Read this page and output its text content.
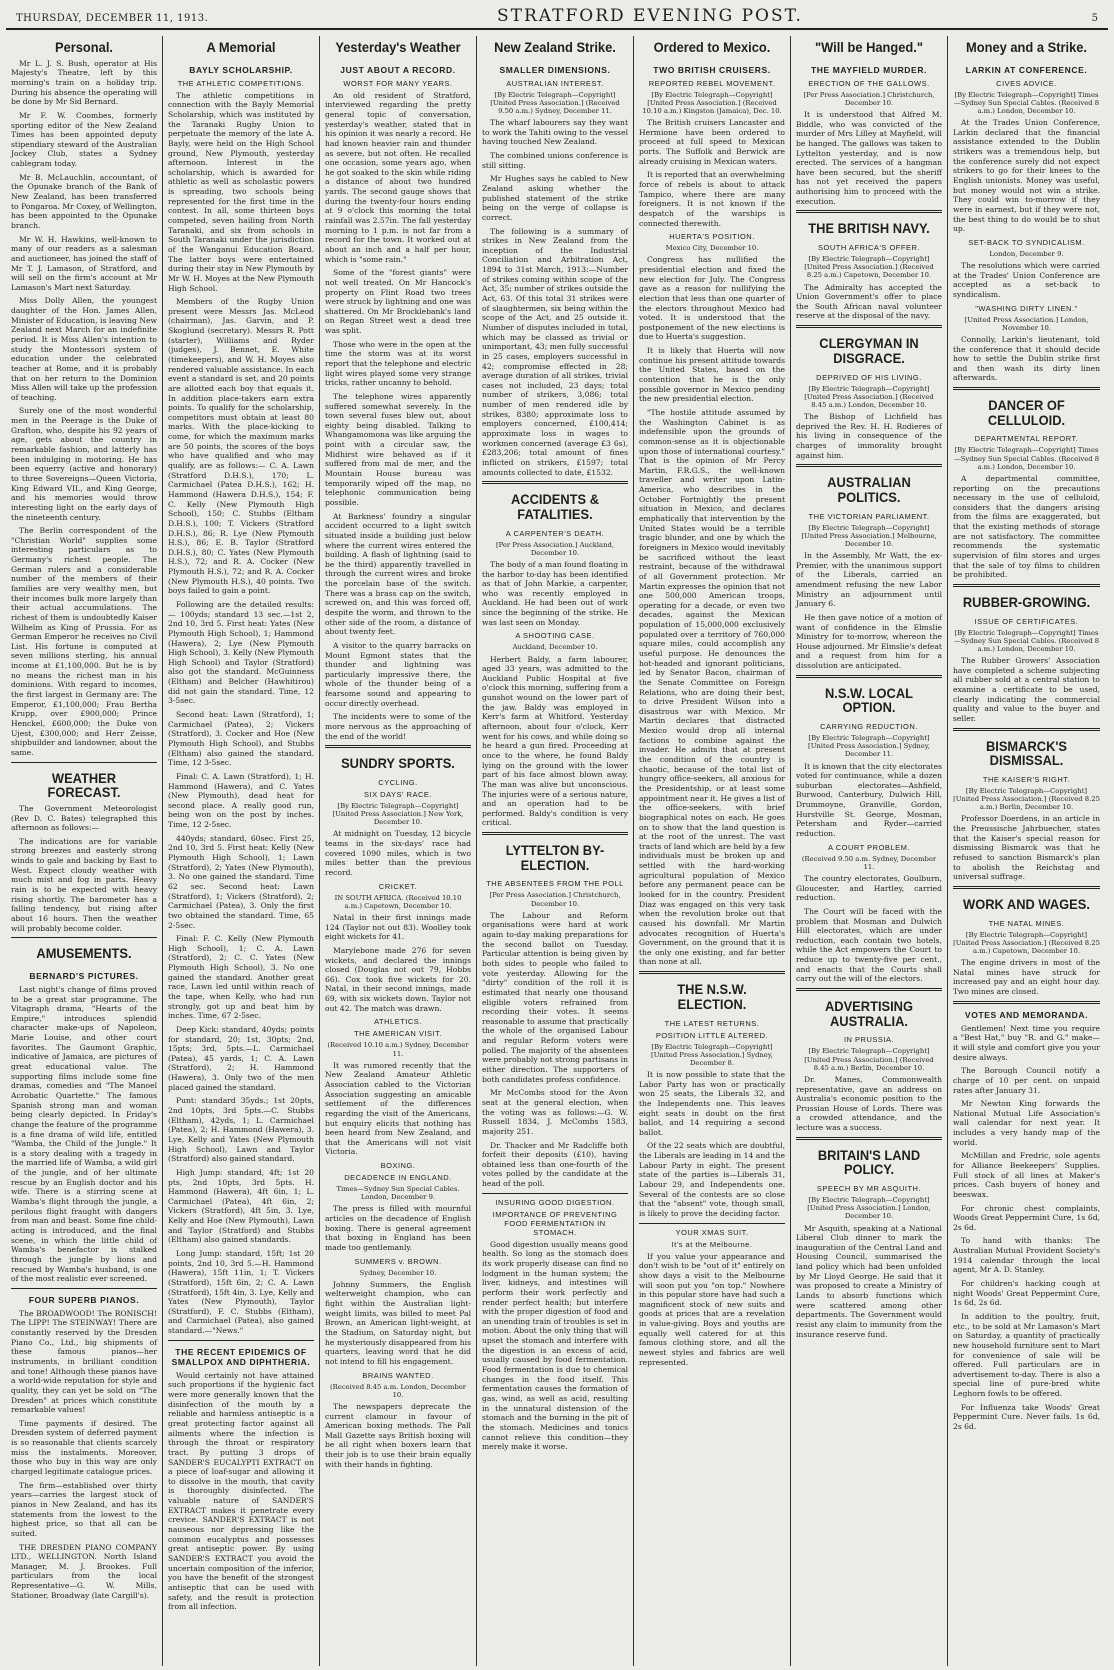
THURSDAY, DECEMBER 11, 1913.	STRATFORD EVENING POST.	5
Personal.

Mr L. J. S. Bush, operator at His Majesty's Theatre, left by this morning's train on a holiday trip. During his absence the operating will be done by Mr Sid Bernard.

Mr F. W. Coombes, formerly sporting editor of the New Zealand Times has been appointed deputy stipendiary steward of the Australian Jockey Club, states a Sydney cablegram today.

Mr B. McLauchlin, accountant, of the Opunake branch of the Bank of New Zealand, has been transferred to Pongaroa. Mr Coxey, of Wellington, has been appointed to the Opunake branch.

Mr W. H. Hawkins, well-known to many of our readers as a salesman and auctioneer, has joined the staff of Mr T. J. Lamason, of Stratford, and will sell on the firm's account at Mr Lamason's Mart next Saturday.

Miss Dolly Allen, the youngest daughter of the Hon. James Allen, Minister of Education, is leaving New Zealand next March for an indefinite period. It is Miss Allen's intention to study the Montessori system of education under the celebrated teacher at Rome, and it is probably that on her return to the Dominion Miss Allen will take up the profession of teaching.

Surely one of the most wonderful men in the Peerage is the Duke of Grafton, who, despite his 92 years of age, gets about the country in remarkable fashion, and latterly has been indulging in motoring. He has been equerry (active and honorary) to three Sovereigns—Queen Victoria, King Edward VII., and King George, and his memories would throw interesting light on the early days of the nineteenth century.

The Berlin correspondent of the "Christian World" supplies some interesting particulars as to Germany's richest people. The German rulers and a considerable number of the members of their families are very wealthy men, but their incomes bulk more largely than their actual accumulations. The richest of them is undoubtedly Kaiser Wilhelm as King of Prussia. For as German Emperor he receives no Civil List. His fortune is computed at seven millions sterling, his annual income at £1,100,000. But he is by no means the richest man in his dominions. With regard to incomes, the first largest in Germany are: The Emperor, £1,100,000; Frau Bertha Krupp, over £900,000; Prince Henckel, £600,000; the Duke von Ujest, £300,000; and Herr Zeisse, shipbuilder and landowner, about the same.

WEATHER FORECAST.

The Government Meteorologist (Rev D. C. Bates) telegraphed this afternoon as follows:—

The indications are for variable strong breezes and easterly strong winds to gale and backing by East to West. Expect cloudy weather with much mist and fog in parts. Heavy rain is to be expected with heavy rising shortly. The barometer has a falling tendency, but rising after about 16 hours. Then the weather will probably become colder.

AMUSEMENTS.
BERNARD'S PICTURES.

Last night's change of films proved to be a great star programme. The Vitagraph drama, "Hearts of the Empire," introduces splendid character make-ups of Napoleon, Marie Louise, and other court favorites. The Gaumont Graphic, indicative of Jamaica, are pictures of great educational value. The supporting films include some fine dramas, comedies and "The Manoel Acrobatic Quartette." The famous Spanish strong man and woman being clearly depicted. In Friday's change the feature of the programme is a fine drama of wild life, entitled "Wamba, the Child of the Jungle." It is a story dealing with a tragedy in the married life of Wamba, a wild girl of the jungle, and of her ultimate rescue by an English doctor and his wife. There is a stirring scene at Wamba's flight through the jungle, a perilous flight fraught with dangers from man and beast. Some fine child-acting is introduced, and the final scene, in which the little child of Wamba's benefactor is stalked through the jungle by lions and rescued by Wamba's husband, is one of the most realistic ever screened.

FOUR SUPERB PIANOS.

The BROADWOOD! The RONISCH! The LIPP! The STEINWAY! There are constantly reserved by the Dresden Piano Co., Ltd., big shipments of these famous pianos—her instruments, in brilliant condition and tone! Although these pianos have a world-wide reputation for style and quality, they can yet be sold on "The Dresden" at prices which constitute remarkable values!

Time payments if desired. The Dresden system of deferred payment is so reasonable that clients scarcely miss the instalments. Moreover, those who buy in this way are only charged legitimate catalogue prices.

The firm—established over thirty years—carries the largest stock of pianos in New Zealand, and has its statements from the lowest to the highest price, so that all can be suited.

THE DRESDEN PIANO COMPANY LTD., WELLINGTON. North Island Manager, M. J. Brookes. Full particulars from the local Representative—G. W. Mills, Stationer, Broadway (late Cargill's).

A Memorial
BAYLY SCHOLARSHIP.
THE ATHLETIC COMPETITIONS.

The athletic competitions in connection with the Bayly Memorial Scholarship, which was instituted by the Taranaki Rugby Union to perpetuate the memory of the late A. Bayly, were held on the High School ground, New Plymouth, yesterday afternoon. Interest in the scholarship, which is awarded for athletic as well as scholastic powers is spreading, two schools being represented for the first time in the contest. In all, some thirteen boys competed, seven hailing from North Taranaki, and six from schools in South Taranaki under the jurisdiction of the Wanganui Education Board. The latter boys were entertained during their stay in New Plymouth by Mr W. H. Moyes at the New Plymouth High School.

Members of the Rugby Union present were Messrs Jas. McLeod (chairman), Jas. Garvin, and P. Skoglund (secretary). Messrs R. Pott (starter), Williams and Ryder (judges), J. Bennet, E. White (timekeepers), and W. H. Moyes also rendered valuable assistance. In each event a standard is set, and 20 points are allotted each boy that equals it. In addition place-takers earn extra points. To qualify for the scholarship, competitors must obtain at least 80 marks. With the place-kicking to come, for which the maximum marks are 50 points, the scores of the boys who have qualified and who may qualify, are as follows:— C. A. Lawn (Stratford D.H.S.), 170; L. Carmichael (Patea D.H.S.), 162; H. Hammond (Hawera D.H.S.), 154; F. C. Kelly (New Plymouth High School), 150; C. Stubbs (Eltham D.H.S.), 100; T. Vickers (Stratford D.H.S.), 86; R. Lye (New Plymouth H.S.), 86; E. B. Taylor (Stratford D.H.S.), 80; C. Yates (New Plymouth H.S.), 72; and R. A. Cocker (New Plymouth H.S.), 72; and R. A. Cocker (New Plymouth H.S.), 40 points. Two boys failed to gain a point.

Following are the detailed results:— 100yds; standard 13 sec.—1st 2, 2nd 10, 3rd 5. First heat: Yates (New Plymouth High School), 1; Hammond (Hawera), 2; Lye (New Plymouth High School), 3. Kelly (New Plymouth High School) and Taylor (Stratford) also got the standard. McGuinness (Eltham) and Belcher (Hawhitirou) did not gain the standard. Time, 12 3-5sec.

Second heat: Lawn (Stratford), 1; Carmichael (Patea), 2; Vickers (Stratford), 3. Cocker and Hoe (New Plymouth High School), and Stubbs (Eltham) also gained the standard. Time, 12 3-5sec.

Final: C. A. Lawn (Stratford), 1; H. Hammond (Hawera), and C. Yates (New Plymouth), dead heat for second place. A really good run, being won on the post by inches. Time, 12 2-5sec.

440yds; standard, 60sec. First 25, 2nd 10, 3rd 5. First heat: Kelly (New Plymouth High School), 1; Lawn (Stratford), 2; Yates (New Plymouth), 3. No one gained the standard. Time 62 sec. Second heat: Lawn (Stratford), 1; Vickers (Stratford), 2; Carmichael (Patea), 3. Only the first two obtained the standard. Time, 65 2-5sec.

Final: F. C. Kelly (New Plymouth High School), 1; C. A. Lawn (Stratford), 2; C. C. Yates (New Plymouth High School), 3. No one gained the standard. Another great race, Lawn led until within reach of the tape, when Kelly, who had run strongly, got up and beat him by inches. Time, 67 2-5sec.

Deep Kick: standard, 40yds; points for standard, 20; 1st, 30pts; 2nd, 15pts; 3rd, 5pts.—L. Carmichael (Patea), 45 yards, 1; C. A. Lawn (Stratford), 2; H. Hammond (Hawera), 3. Only two of the men placed gained the standard.

Punt: standard 35yds.; 1st 20pts, 2nd 10pts, 3rd 5pts.—C. Stubbs (Eltham), 42yds, 1; L. Carmichael (Patea), 2; H. Hammond (Hawera), 3. Lye, Kelly and Yates (New Plymouth High School), Lawn and Taylor (Stratford) also gained standard.

High Jump: standard, 4ft; 1st 20 pts, 2nd 10pts, 3rd 5pts. H. Hammond (Hawera), 4ft 6in, 1; L. Carmichael (Patea), 4ft 6in, 2; Vickers (Stratford), 4ft 5in, 3. Lye, Kelly and Hoe (New Plymouth), Lawn and Taylor (Stratford) and Stubbs (Eltham) also gained standards.

Long Jump: standard, 15ft; 1st 20 points, 2nd 10, 3rd 5.—H. Hammond (Hawera), 15ft 11in, 1; T. Vickers (Stratford), 15ft 6in, 2; C. A. Lawn (Stratford), 15ft 4in, 3. Lye, Kelly and Yates (New Plymouth), Taylor (Stratford), F. C. Stubbs (Eltham), and Carmichael (Patea), also gained standard.—"News."

THE RECENT EPIDEMICS OF SMALLPOX AND DIPHTHERIA.

Would certainly not have attained such proportions if the hygienic fact were more generally known that the disinfection of the mouth by a reliable and harmless antiseptic is a great protecting factor against all ailments where the infection is through the throat or respiratory tract. By putting 3 drops of SANDER'S EUCALYPTI EXTRACT on a piece of loaf-sugar and allowing it to dissolve in the mouth, that cavity is thoroughly disinfected. The valuable nature of SANDER'S EXTRACT makes it penetrate every crevice. SANDER'S EXTRACT is not nauseous nor depressing like the common eucalyptus and possesses great antiseptic power. By using SANDER'S EXTRACT you avoid the uncertain composition of the inferior, you have the benefit of the strongest antiseptic that can be used with safety, and the result is protection from all infection.

Yesterday's Weather
JUST ABOUT A RECORD.
WORST FOR MANY YEARS.

An old resident of Stratford, interviewed regarding the pretty general topic of conversation, yesterday's weather, stated that in his opinion it was nearly a record. He had known heavier rain and thunder as severe, but not often. He recalled one occasion, some years ago, when he got soaked to the skin while riding a distance of about two hundred yards. The second gauge shows that during the twenty-four hours ending at 9 o'clock this morning the total rainfall was 2.57in. The fall yesterday morning to 1 p.m. is not far from a record for the town. It worked out at about an inch and a half per hour, which is "some rain."

Some of the "forest giants" were not well treated. On Mr Hancock's property on Flint Road two trees were struck by lightning and one was shattered. On Mr Brocklebank's land on Regan Street west a dead tree was split.

Those who were in the open at the time the storm was at its worst report that the telephone and electric light wires played some very strange tricks, rather uncanny to behold.

The telephone wires apparently suffered somewhat severely. In the town several fuses blew out, about eighty being disabled. Talking to Whangamomona was like arguing the point with a circular saw, the Midhirst wire behaved as if it suffered from mal de mer, and the Mountain House bureau was temporarily wiped off the map, no telephonic communication being possible.

At Barkness' foundry a singular accident occurred to a light switch situated inside a building just below where the current wires entered the building. A flash of lightning (said to be the third) apparently travelled in through the current wires and broke the porcelain base of the switch. There was a brass cap on the switch, screwed on, and this was forced off, despite the worm, and thrown to the other side of the room, a distance of about twenty feet.

A visitor to the quarry barracks on Mount Egmont states that the thunder and lightning was particularly impressive there, the whole of the thunder being of a fearsome sound and appearing to occur directly overhead.

The incidents were to some of the more nervous as the approaching of the end of the world!

SUNDRY SPORTS.
CYCLING.
SIX DAYS' RACE.
[By Electric Telegraph—Copyright] [United Press Association.] New York, December 10.

At midnight on Tuesday, 12 bicycle teams in the six-days' race had covered 1090 miles, which is two miles better than the previous record.

CRICKET.
IN SOUTH AFRICA. (Received 10.10 a.m.) Capetown, December 10.

Natal in their first innings made 124 (Taylor not out 83). Woolley took eight wickets for 41.

Marylebone made 276 for seven wickets, and declared the innings closed (Douglas not out 79, Hobbs 66). Cox took five wickets for 20. Natal, in their second innings, made 69, with six wickets down. Taylor not out 42. The match was drawn.

ATHLETICS.
THE AMERICAN VISIT.
(Received 10.10 a.m.) Sydney, December 11.

It was rumored recently that the New Zealand Amateur Athletic Association cabled to the Victorian Association suggesting an amicable settlement of the differences regarding the visit of the Americans, but enquiry elicits that nothing has been heard from New Zealand, and that the Americans will not visit Victoria.

BOXING.
DECADENCE IN ENGLAND.
Times—Sydney Sun Special Cables. London, December 9.

The press is filled with mournful articles on the decadence of English boxing. There is general agreement that boxing in England has been made too gentlemanly.

SUMMERS v. BROWN.
Sydney, December 10.

Johnny Summers, the English welterweight champion, who can fight within the Australian light-weight limits, was billed to meet Pal Brown, an American light-weight, at the Stadium, on Saturday night, but he mysteriously disappeared from his quarters, leaving word that he did not intend to fill his engagement.

BRAINS WANTED.
(Received 8.45 a.m. London, December 10.

The newspapers deprecate the current clamour in favour of American boxing methods. The Pall Mall Gazette says British boxing will be all right when boxers learn that their job is to use their brain equally with their hands in fighting.

New Zealand Strike.
SMALLER DIMENSIONS.
AUSTRALIAN INTEREST.
[By Electric Telegraph—Copyright] [United Press Association.] (Received 9.50 a.m.) Sydney, December 11.

The wharf labourers say they want to work the Tahiti owing to the vessel having touched New Zealand.

The combined unions conference is still sitting.

Mr Hughes says he cabled to New Zealand asking whether the published statement of the strike being on the verge of collapse is correct.

The following is a summary of strikes in New Zealand from the inception of the Industrial Conciliation and Arbitration Act, 1894 to 31st March, 1913:—Number of strikes coming within scope of the Act, 35; number of strikes outside the Act, 63. Of this total 31 strikes were of slaughtermen, six being within the scope of the Act, and 25 outside it. Number of disputes included in total, which may be classed as trivial or unimportant, 43; men fully successful in 25 cases, employers successful in 42; compromise effected in 28; average duration of all strikes, trivial cases not included, 23 days; total number of strikers, 3,086; total number of men rendered idle by strikes, 8380; approximate loss to employers concerned, £100,414; approximate loss in wages to workmen concerned (average £3 6s), £283,206; total amount of fines inflicted on strikers, £1597; total amounts collected to date, £1532.

ACCIDENTS & FATALITIES.
A CARPENTER'S DEATH.
[Per Press Association.] Auckland, December 10.

The body of a man found floating in the harbor to-day has been identified as that of John Markie, a carpenter, who was recently employed in Auckland. He had been out of work since the beginning of the strike. He was last seen on Monday.

A SHOOTING CASE.
Auckland, December 10.

Herbert Baldy, a farm labourer, aged 33 years, was admitted to the Auckland Public Hospital at five o'clock this morning, suffering from a gunshot wound on the lower part of the jaw. Baldy was employed in Kerr's farm at Whitford. Yesterday afternoon, about four o'clock, Kerr went for his cows, and while doing so he heard a gun fired. Proceeding at once to the where, he found Baldy lying on the ground with the lower part of his face almost blown away. The man was alive but unconscious. The injuries were of a serious nature, and an operation had to be performed. Baldy's condition is very critical.

LYTTELTON BY-ELECTION.
THE ABSENTEES FROM THE POLL
[Per Press Association.] Christchurch, December 10.

The Labour and Reform organisations were hard at work again to-day making preparations for the second ballot on Tuesday. Particular attention is being given by both sides to people who failed to vote yesterday. Allowing for the "dirty" condition of the roll it is estimated that nearly one thousand eligible voters refrained from recording their votes. It seems reasonable to assume that practically the whole of the organised Labour and regular Reform voters were polled. The majority of the absentees were probably not strong partisans in either direction. The supporters of both candidates profess confidence.

Mr McCombs stood for the Avon seat at the general election, when the voting was as follows:—G. W. Russell 1834, J. McCombs 1583, majority 251.

Dr. Thacker and Mr Radcliffe both forfeit their deposits (£10), having obtained less than one-fourth of the votes polled by the candidate at the head of the poll.

INSURING GOOD DIGESTION.
IMPORTANCE OF PREVENTING FOOD FERMENTATION IN STOMACH.

Good digestion usually means good health. So long as the stomach does its work properly disease can find no lodgment in the human system; the liver, kidneys, and intestines will perform their work perfectly and render perfect health; but interfere with the proper digestion of food and an unending train of troubles is set in motion. About the only thing that will upset the stomach and interfere with the digestion is an excess of acid, usually caused by food fermentation. Food fermentation is due to chemical changes in the food itself. This fermentation causes the formation of gas, wind, as well as acid, resulting in the unnatural distension of the stomach and the burning in the pit of the stomach. Medicines and tonics cannot relieve this condition—they merely make it worse.

Ordered to Mexico.
TWO BRITISH CRUISERS.
REPORTED REBEL MOVEMENT.
[By Electric Telegraph—Copyright] [United Press Association.] (Received 10.10 a.m.) Kingston (Jamaica), Dec. 10.

The British cruisers Lancaster and Hermione have been ordered to proceed at full speed to Mexican ports. The Suffolk and Berwick are already cruising in Mexican waters.

It is reported that an overwhelming force of rebels is about to attack Tampico, where there are many foreigners. It is not known if the despatch of the warships is connected therewith.

HUERTA'S POSITION.
Mexico City, December 10.

Congress has nullified the presidential election and fixed the new election for July. The Congress gave as a reason for nullifying the election that less than one quarter of the electors throughout Mexico had voted. It is understood that the postponement of the new elections is due to Huerta's suggestion.

It is likely that Huerta will now continue his present attitude towards the United States, based on the contention that he is the only possible governor in Mexico pending the new presidential election.

"The hostile attitude assumed by the Washington Cabinet is as indefensible upon the grounds of common-sense as it is objectionable upon those of international courtesy." That is the opinion of Mr Percy Martin, F.R.G.S., the well-known traveller and writer upon Latin-America, who describes in the October Fortnightly the present situation in Mexico, and declares emphatically that intervention by the United States would be a terrible tragic blunder, and one by which the foreigners in Mexico would inevitably be sacrificed without the least restraint, because of the withdrawal of all Government protection. Mr Martin expresses the opinion that not one 500,000 American troops, operating for a decade, or even two decades, against the Mexican population of 15,000,000 exclusively populated over a territory of 760,000 square miles, could accomplish any useful purpose. He denounces the hot-headed and ignorant politicians, led by Senator Bacon, chairman of the Senate Committee on Foreign Relations, who are doing their best, to drive President Wilson into a disastrous war with Mexico. Mr Martin declares that distracted Mexico would drop all internal factions to combine against the invader. He admits that at present the condition of the country is chaotic, because of the total list of hungry office-seekers, all anxious for the Presidentship, or at least some appointment near it. He gives a list of the office-seekers, with brief biographical notes on each. He goes on to show that the land question is at the root of the unrest. The vast tracts of land which are held by a few individuals must be broken up and settled with the hard-working agricultural population of Mexico before any permanent peace can be looked for in the country. President Diaz was engaged on this very task when the revolution broke out that caused his downfall. Mr Martin advocates recognition of Huerta's Government, on the ground that it is the only one existing, and far better than none at all.

THE N.S.W. ELECTION.
THE LATEST RETURNS.
POSITION LITTLE ALTERED.
[By Electric Telegraph—Copyright] [United Press Association.] Sydney, December 8.

It is now possible to state that the Labor Party has won or practically won 25 seats, the Liberals 32, and the Independents one. This leaves eight seats in doubt on the first ballot, and 14 requiring a second ballot.

Of the 22 seats which are doubtful, the Liberals are leading in 14 and the Labour Party in eight. The present state of the parties is—Liberals 31, Labour 29, and Independents one. Several of the contests are so close that the "absent" vote, though small, is likely to prove the deciding factor.

YOUR XMAS SUIT.
It's at the Melbourne.

If you value your appearance and don't wish to be "out of it" entirely on show days a visit to the Melbourne will soon put you "on top." Nowhere in this popular store have had such a magnificent stock of new suits and goods at prices that are a revelation in value-giving. Boys and youths are equally well catered for at this famous clothing store, and all the newest styles and fabrics are well represented.

"Will be Hanged."
THE MAYFIELD MURDER.
ERECTION OF THE GALLOWS.
[Per Press Association.] Christchurch, December 10.

It is understood that Alfred M. Biddle, who was convicted of the murder of Mrs Lilley at Mayfield, will be hanged. The gallows was taken to Lyttelton yesterday, and is now erected. The services of a hangman have been secured, but the sheriff has not yet received the papers authorising him to proceed with the execution.

THE BRITISH NAVY.
SOUTH AFRICA'S OFFER.
[By Electric Telegraph—Copyright] [United Press Association.] (Received 8.25 a.m.) Capetown, December 10.

The Admiralty has accepted the Union Government's offer to place the South African naval volunteer reserve at the disposal of the navy.

CLERGYMAN IN DISGRACE.
DEPRIVED OF HIS LIVING.
[By Electric Telegraph—Copyright] [United Press Association.] (Received 8.45 a.m.) London, December 10.

The Bishop of Lichfield has deprived the Rev. H. H. Rodieres of his living in consequence of the charges of immorality brought against him.

AUSTRALIAN POLITICS.
THE VICTORIAN PARLIAMENT.
[By Electric Telegraph—Copyright] [United Press Association.] Melbourne, December 10.

In the Assembly, Mr Watt, the ex-Premier, with the unanimous support of the Liberals, carried an amendment refusing the new Labor Ministry an adjournment until January 6.

He then gave notice of a motion of want of confidence in the Elmslie Ministry for to-morrow, whereon the House adjourned. Mr Elmslie's defeat and a request from him for a dissolution are anticipated.

N.S.W. LOCAL OPTION.
CARRYING REDUCTION.
[By Electric Telegraph—Copyright] [United Press Association.] Sydney, December 11.

It is known that the city electorates voted for continuance, while a dozen suburban electorates—Ashfield, Burwood, Canterbury, Dulwich Hill, Drummoyne, Granville, Gordon, Hurstville St. George, Mosman, Petersham and Ryder—carried reduction.

A COURT PROBLEM.
(Received 9.50 a.m. Sydney, December 11.

The country electorates, Goulburn, Gloucester, and Hartley, carried reduction.

The Court will be faced with the problem that Mosman and Dulwich Hill electorates, which are under reduction, each contain two hotels, while the Act empowers the Court to reduce up to twenty-five per cent., and enacts that the Courts shall carry out the will of the electors.

ADVERTISING AUSTRALIA.
IN PRUSSIA.
[By Electric Telegraph—Copyright] [United Press Association.] (Received 8.45 a.m.) Berlin, December 10.

Dr. Manes, Commonwealth representative, gave an address on Australia's economic position to the Prussian House of Lords. There was a crowded attendance, and the lecture was a success.

BRITAIN'S LAND POLICY.
SPEECH BY MR ASQUITH.
[By Electric Telegraph—Copyright] [United Press Association.] London, December 10.

Mr Asquith, speaking at a National Liberal Club dinner to mark the inauguration of the Central Land and Housing Council, summarised the land policy which had been unfolded by Mr Lloyd George. He said that it was proposed to create a Ministry of Lands to absorb functions which were scattered among other departments. The Government would resist any claim to immunity from the insurance reserve fund.

Money and a Strike.
LARKIN AT CONFERENCE.
CIVES ADVICE.
[By Electric Telegraph—Copyright] Times—Sydney Sun Special Cables. (Received 8 a.m.) London, December 10.

At the Trades Union Conference, Larkin declared that the financial assistance extended to the Dublin strikers was a tremendous help, but the conference surely did not expect strikers to go for their knees to the English unionists. Money was useful, but money would not win a strike. They could win to-morrow if they were in earnest, but if they were not, the best thing to do would be to shut up.

SET-BACK TO SYNDICALISM.
London, December 9.

The resolutions which were carried at the Trades' Union Conference are accepted as a set-back to syndicalism.

"WASHING DIRTY LINEN."
[United Press Association.] London, November 10.

Connolly, Larkin's lieutenant, told the conference that it should decide how to settle the Dublin strike first and then wash its dirty linen afterwards.

DANCER OF CELLULOID.
DEPARTMENTAL REPORT.
[By Electric Telegraph—Copyright] Times—Sydney Sun Special Cables. (Received 8 a.m.) London, December 10.

A departmental committee, reporting on the precautions necessary in the use of celluloid, considers that the dangers arising from the films are exaggerated, but that the existing methods of storage are not satisfactory. The committee recommends the systematic supervision of film stores and urges that the sale of toy films to children be prohibited.

RUBBER-GROWING.
ISSUE OF CERTIFICATES.
[By Electric Telegraph—Copyright] Times—Sydney Sun Special Cables. (Received 8 a.m.) London, December 10.

The Rubber Growers' Association have completed a scheme subjecting all rubber sold at a central station to examine a certificate to be used, clearly indicating the commercial quality and value to the buyer and seller.

BISMARCK'S DISMISSAL.
THE KAISER'S RIGHT.
[By Electric Telegraph—Copyright] [United Press Association.] (Received 8.25 a.m.) Berlin, December 10.

Professor Doerdens, in an article in the Preussische Jahrbuecher, states that the Kaiser's special reason for dismissing Bismarck was that he refused to sanction Bismarck's plan to abolish the Reichstag and universal suffrage.

WORK AND WAGES.
THE NATAL MINES.
[By Electric Telegraph—Copyright] [United Press Association.] (Received 8.25 a.m.) Capetown, December 10.

The engine drivers in most of the Natal mines have struck for increased pay and an eight hour day. Two mines are closed.

VOTES AND MEMORANDA.

Gentlemen! Next time you require a "Best Hat," buy "R. and G." make—it will style and comfort give you your desire always.

The Borough Council notify a charge of 10 per cent. on unpaid rates after January 31.

Mr Newton King forwards the National Mutual Life Association's wall calendar for next year. It includes a very handy map of the world.

McMillan and Fredric, sole agents for Alliance Beekeepers' Supplies. Full stock of all lines at Maker's prices. Cash buyers of honey and beeswax.

For chronic chest complaints, Woods Great Peppermint Cure, 1s 6d, 2s 6d.

To hand with thanks: The Australian Mutual Provident Society's 1914 calendar through the local agent, Mr A. D. Stanley.

For children's hacking cough at night Woods' Great Peppermint Cure, 1s 6d, 2s 6d.

In addition to the poultry, fruit, etc., to be sold at Mr Lamason's Mart on Saturday, a quantity of practically new household furniture sent to Mart for convenience of sale will be offered. Full particulars are in advertisement to-day. There is also a special line of pure-bred white Leghorn fowls to be offered.

For Influenza take Woods' Great Peppermint Cure. Never fails. 1s 6d, 2s 6d.
